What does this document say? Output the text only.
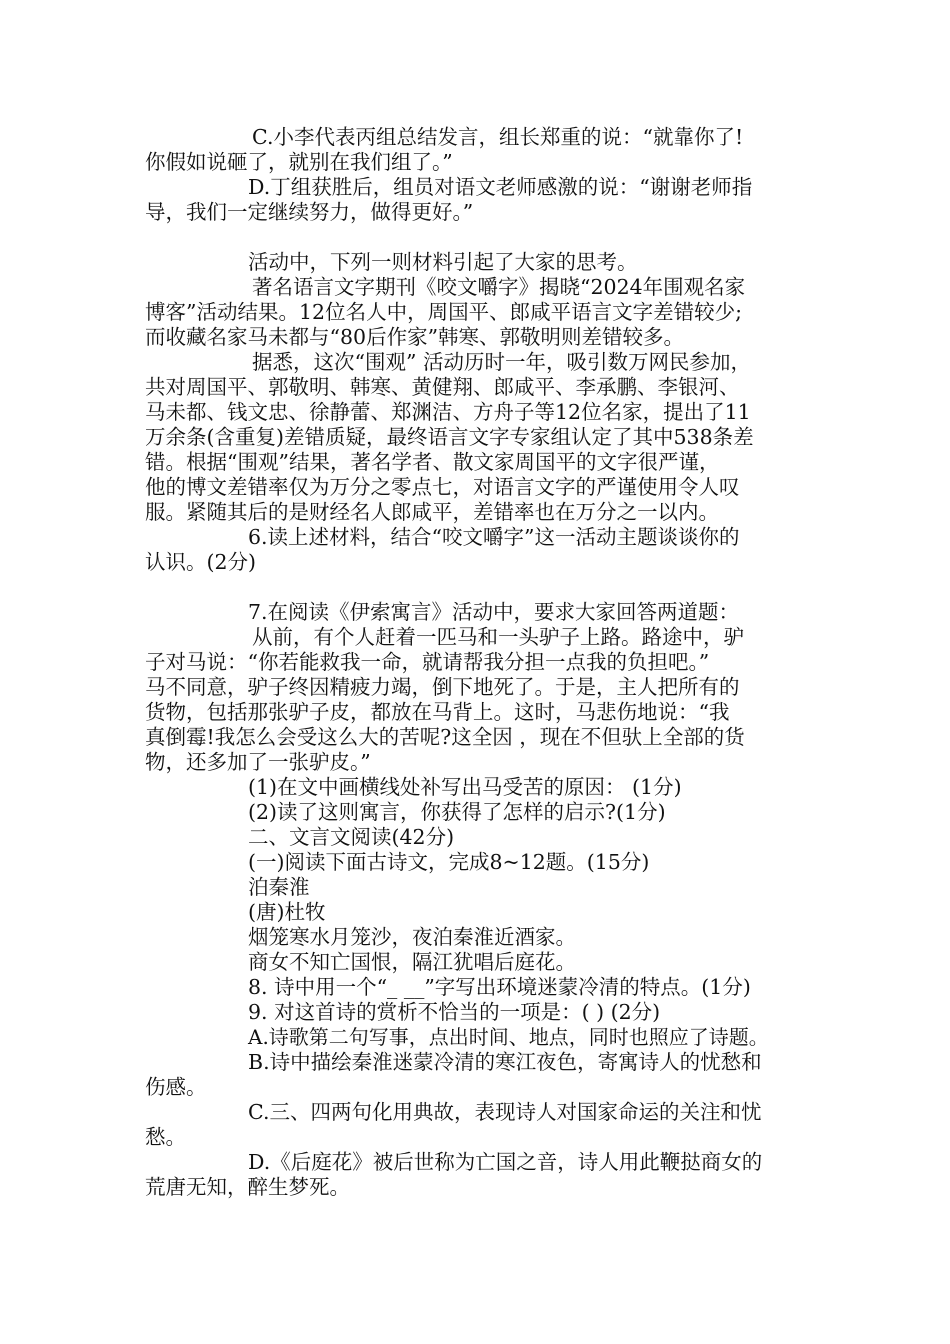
C.小李代表丙组总结发言，组长郑重的说：“就靠你了!
你假如说砸了，就别在我们组了。”
D.丁组获胜后，组员对语文老师感激的说：“谢谢老师指
导，我们一定继续努力，做得更好。”
活动中，下列一则材料引起了大家的思考。
著名语言文字期刊《咬文嚼字》揭晓“2024年围观名家
博客”活动结果。12位名人中，周国平、郎咸平语言文字差错较少;
而收藏名家马未都与“80后作家”韩寒、郭敬明则差错较多。
据悉，这次“围观” 活动历时一年，吸引数万网民参加，
共对周国平、郭敬明、韩寒、黄健翔、郎咸平、李承鹏、李银河、
马未都、钱文忠、徐静蕾、郑渊洁、方舟子等12位名家，提出了11
万余条(含重复)差错质疑，最终语言文字专家组认定了其中538条差
错。根据“围观”结果，著名学者、散文家周国平的文字很严谨，
他的博文差错率仅为万分之零点七，对语言文字的严谨使用令人叹
服。紧随其后的是财经名人郎咸平，差错率也在万分之一以内。
6.读上述材料，结合“咬文嚼字”这一活动主题谈谈你的
认识。(2分)
7.在阅读《伊索寓言》活动中，要求大家回答两道题：
从前，有个人赶着一匹马和一头驴子上路。路途中，驴
子对马说：“你若能救我一命，就请帮我分担一点我的负担吧。”
马不同意，驴子终因精疲力竭，倒下地死了。于是，主人把所有的
货物，包括那张驴子皮，都放在马背上。这时，马悲伤地说：“我
真倒霉!我怎么会受这么大的苦呢?这全因 ，现在不但驮上全部的货
物，还多加了一张驴皮。”
(1)在文中画横线处补写出马受苦的原因： (1分)
(2)读了这则寓言，你获得了怎样的启示?(1分)
二、文言文阅读(42分)
(一)阅读下面古诗文，完成8~12题。(15分)
泊秦淮
(唐)杜牧
烟笼寒水月笼沙，夜泊秦淮近酒家。
商女不知亡国恨，隔江犹唱后庭花。
8. 诗中用一个“_ __”字写出环境迷蒙冷清的特点。(1分)
9. 对这首诗的赏析不恰当的一项是：( ) (2分)
A.诗歌第二句写事，点出时间、地点，同时也照应了诗题。
B.诗中描绘秦淮迷蒙冷清的寒江夜色，寄寓诗人的忧愁和
伤感。
C.三、四两句化用典故，表现诗人对国家命运的关注和忧
愁。
D.《后庭花》被后世称为亡国之音，诗人用此鞭挞商女的
荒唐无知，醉生梦死。
